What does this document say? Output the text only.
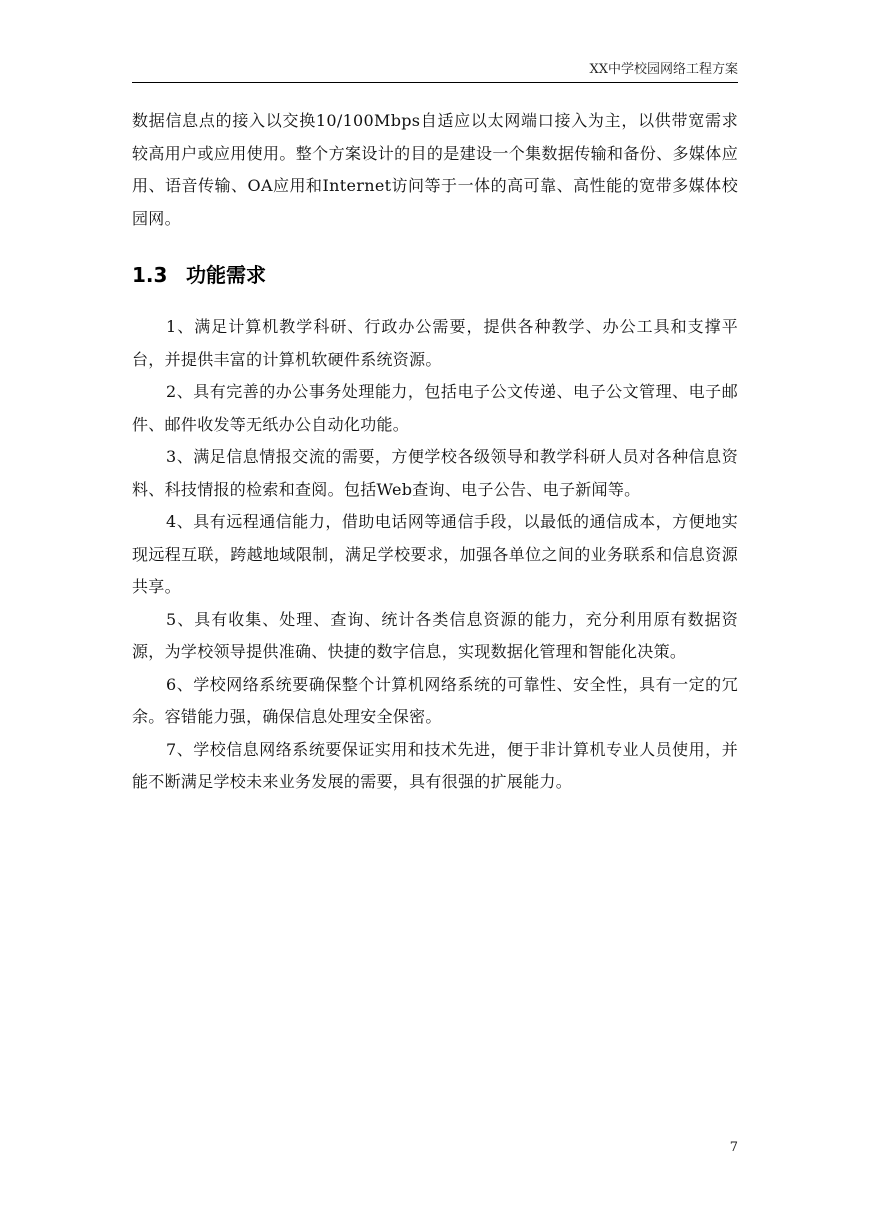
XX中学校园网络工程方案

数据信息点的接入以交换10/100Mbps自适应以太网端口接入为主，以供带宽需求较高用户或应用使用。整个方案设计的目的是建设一个集数据传输和备份、多媒体应用、语音传输、OA应用和Internet访问等于一体的高可靠、高性能的宽带多媒体校园网。

1.3 功能需求

1、满足计算机教学科研、行政办公需要，提供各种教学、办公工具和支撑平台，并提供丰富的计算机软硬件系统资源。

2、具有完善的办公事务处理能力，包括电子公文传递、电子公文管理、电子邮件、邮件收发等无纸办公自动化功能。

3、满足信息情报交流的需要，方便学校各级领导和教学科研人员对各种信息资料、科技情报的检索和查阅。包括Web查询、电子公告、电子新闻等。

4、具有远程通信能力，借助电话网等通信手段，以最低的通信成本，方便地实现远程互联，跨越地域限制，满足学校要求，加强各单位之间的业务联系和信息资源共享。

5、具有收集、处理、查询、统计各类信息资源的能力，充分利用原有数据资源，为学校领导提供准确、快捷的数字信息，实现数据化管理和智能化决策。

6、学校网络系统要确保整个计算机网络系统的可靠性、安全性，具有一定的冗余。容错能力强，确保信息处理安全保密。

7、学校信息网络系统要保证实用和技术先进，便于非计算机专业人员使用，并能不断满足学校未来业务发展的需要，具有很强的扩展能力。

7
